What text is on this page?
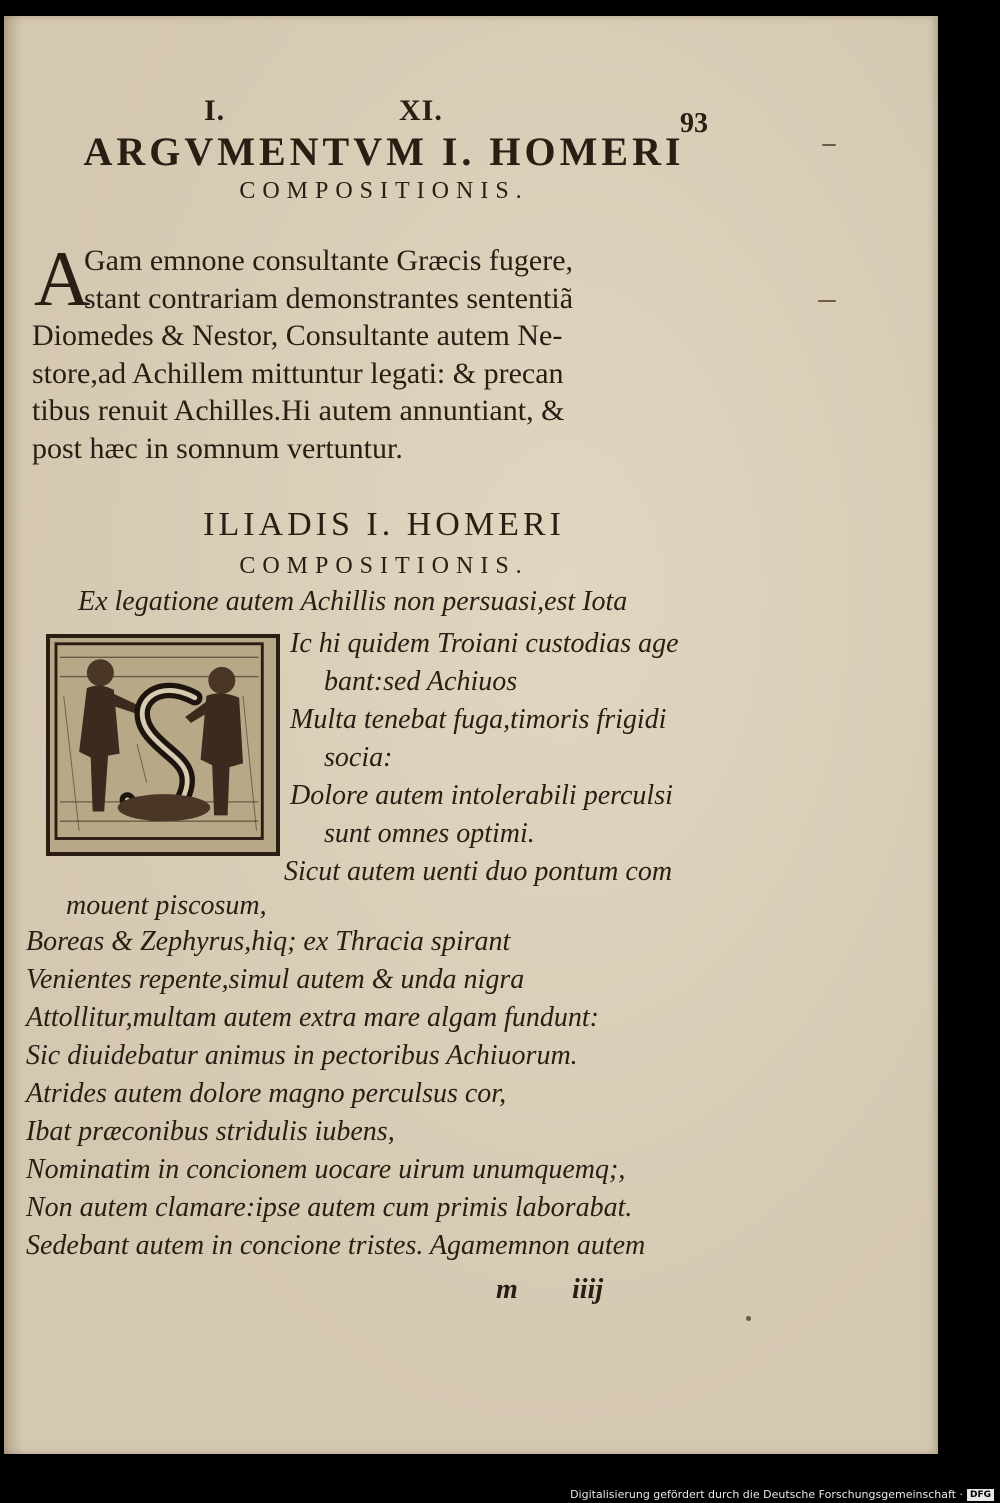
I.	XI.	93
ARGVMENTVM I. HOMERI
COMPOSITIONIS.
A
Gam emnone consultante Græcis fugere,
stant contrariam demonstrantes sententiã
Diomedes & Nestor, Consultante autem Ne-
store,ad Achillem mittuntur legati: & precan
tibus renuit Achilles.Hi autem annuntiant, &
post hæc in somnum vertuntur.
ILIADIS I. HOMERI
COMPOSITIONIS.
Ex legatione autem Achillis non persuasi,est Iota
Ic hi quidem Troiani custodias age
bant:sed Achiuos
Multa tenebat fuga,timoris frigidi
socia:
Dolore autem intolerabili perculsi
sunt omnes optimi.
Sicut autem uenti duo pontum com
mouent piscosum,
Boreas & Zephyrus,hiq; ex Thracia spirant
Venientes repente,simul autem & unda nigra
Attollitur,multam autem extra mare algam fundunt:
Sic diuidebatur animus in pectoribus Achiuorum.
Atrides autem dolore magno perculsus cor,
Ibat præconibus stridulis iubens,
Nominatim in concionem uocare uirum unumquemq;,
Non autem clamare:ipse autem cum primis laborabat.
Sedebant autem in concione tristes. Agamemnon autem
m iiij
Digitalisierung gefördert durch die Deutsche Forschungsgemeinschaft · DFG
